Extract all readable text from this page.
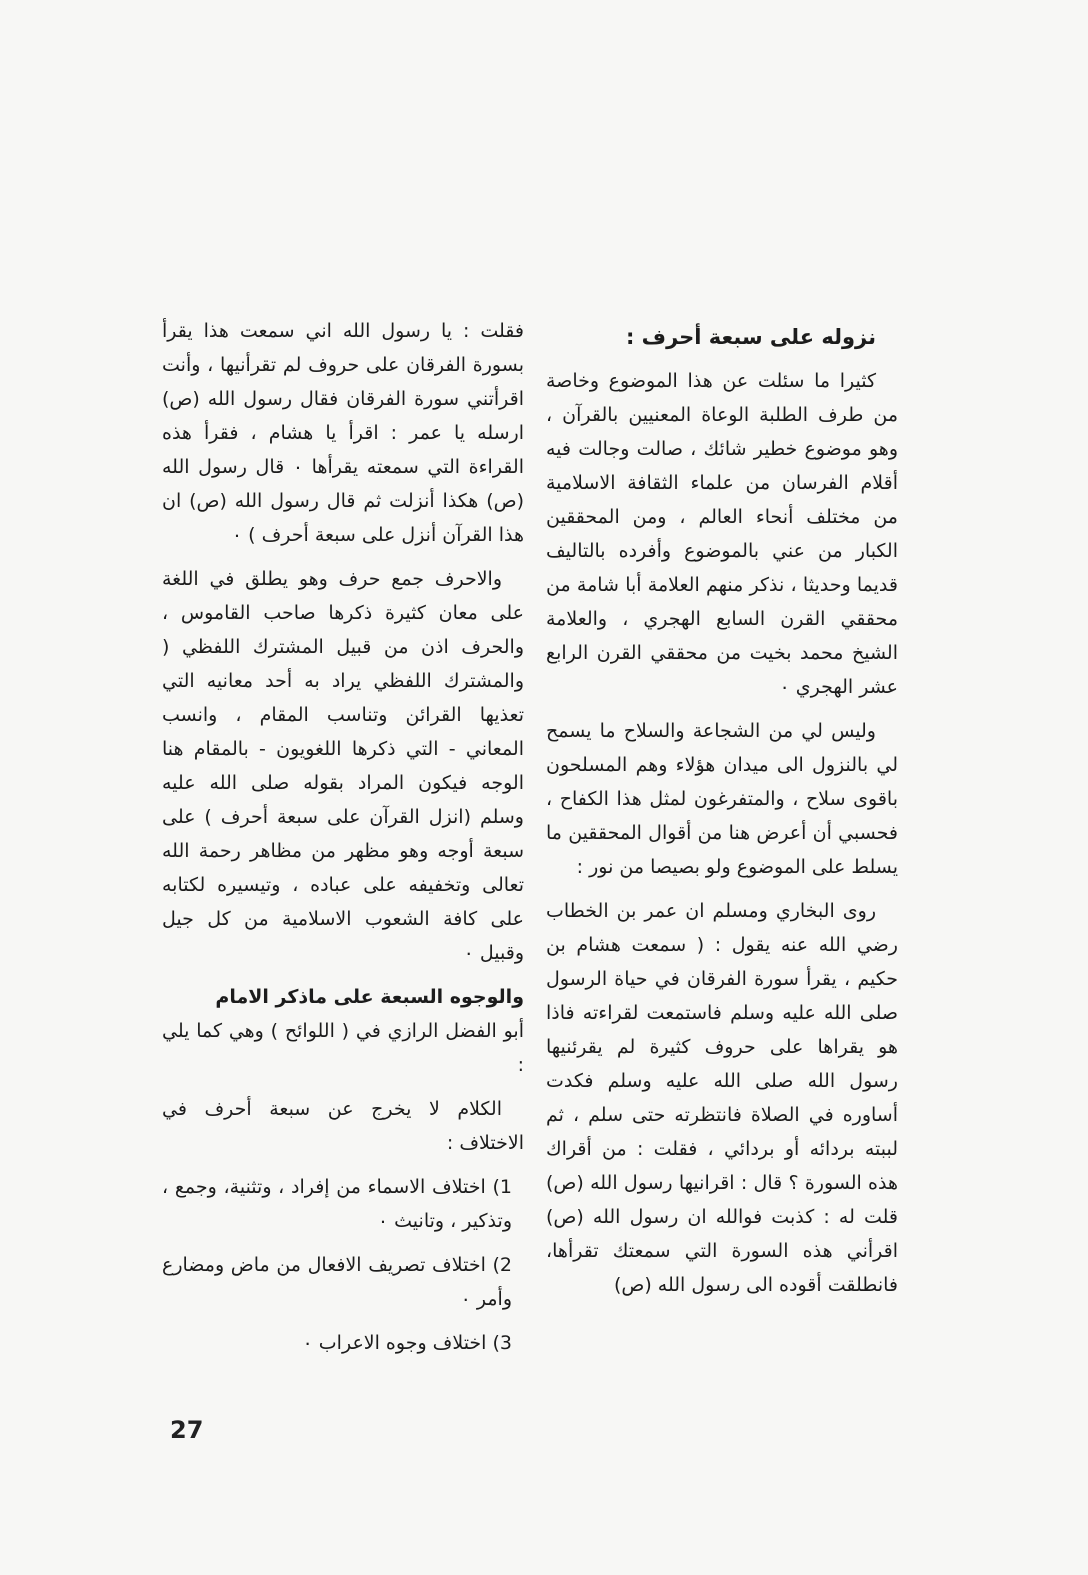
نزوله على سبعة أحرف :

كثيرا ما سئلت عن هذا الموضوع وخاصة من طرف الطلبة الوعاة المعنيين بالقرآن ، وهو موضوع خطير شائك ، صالت وجالت فيه أقلام الفرسان من علماء الثقافة الاسلامية من مختلف أنحاء العالم ، ومن المحققين الكبار من عني بالموضوع وأفرده بالتاليف قديما وحديثا ، نذكر منهم العلامة أبا شامة من محققي القرن السابع الهجري ، والعلامة الشيخ محمد بخيت من محققي القرن الرابع عشر الهجري ٠

وليس لي من الشجاعة والسلاح ما يسمح لي بالنزول الى ميدان هؤلاء وهم المسلحون باقوى سلاح ، والمتفرغون لمثل هذا الكفاح ، فحسبي أن أعرض هنا من أقوال المحققين ما يسلط على الموضوع ولو بصيصا من نور :

روى البخاري ومسلم ان عمر بن الخطاب رضي الله عنه يقول : ( سمعت هشام بن حكيم ، يقرأ سورة الفرقان في حياة الرسول صلى الله عليه وسلم فاستمعت لقراءته فاذا هو يقراها على حروف كثيرة لم يقرئنيها رسول الله صلى الله عليه وسلم فكدت أساوره في الصلاة فانتظرته حتى سلم ، ثم لببته بردائه أو بردائي ، فقلت : من أقراك هذه السورة ؟ قال : اقرانيها رسول الله (ص) قلت له : كذبت فوالله ان رسول الله (ص) اقرأني هذه السورة التي سمعتك تقرأها، فانطلقت أقوده الى رسول الله (ص)

فقلت : يا رسول الله اني سمعت هذا يقرأ بسورة الفرقان على حروف لم تقرأنيها ، وأنت اقرأتني سورة الفرقان فقال رسول الله (ص) ارسله يا عمر : اقرأ يا هشام ، فقرأ هذه القراءة التي سمعته يقرأها ٠ قال رسول الله (ص) هكذا أنزلت ثم قال رسول الله (ص) ان هذا القرآن أنزل على سبعة أحرف ) ٠

والاحرف جمع حرف وهو يطلق في اللغة على معان كثيرة ذكرها صاحب القاموس ، والحرف اذن من قبيل المشترك اللفظي ( والمشترك اللفظي يراد به أحد معانيه التي تعذيها القرائن وتناسب المقام ، وانسب المعاني - التي ذكرها اللغويون - بالمقام هنا الوجه فيكون المراد بقوله صلى الله عليه وسلم (انزل القرآن على سبعة أحرف ) على سبعة أوجه وهو مظهر من مظاهر رحمة الله تعالى وتخفيفه على عباده ، وتيسيره لكتابه على كافة الشعوب الاسلامية من كل جيل وقبيل ٠

والوجوه السبعة على ماذكر الامام

أبو الفضل الرازي في ( اللوائح ) وهي كما يلي :

الكلام لا يخرج عن سبعة أحرف في الاختلاف :

1) اختلاف الاسماء من إفراد ، وتثنية، وجمع ، وتذكير ، وتانيث ٠

2) اختلاف تصريف الافعال من ماض ومضارع وأمر ٠

3) اختلاف وجوه الاعراب ٠

27
